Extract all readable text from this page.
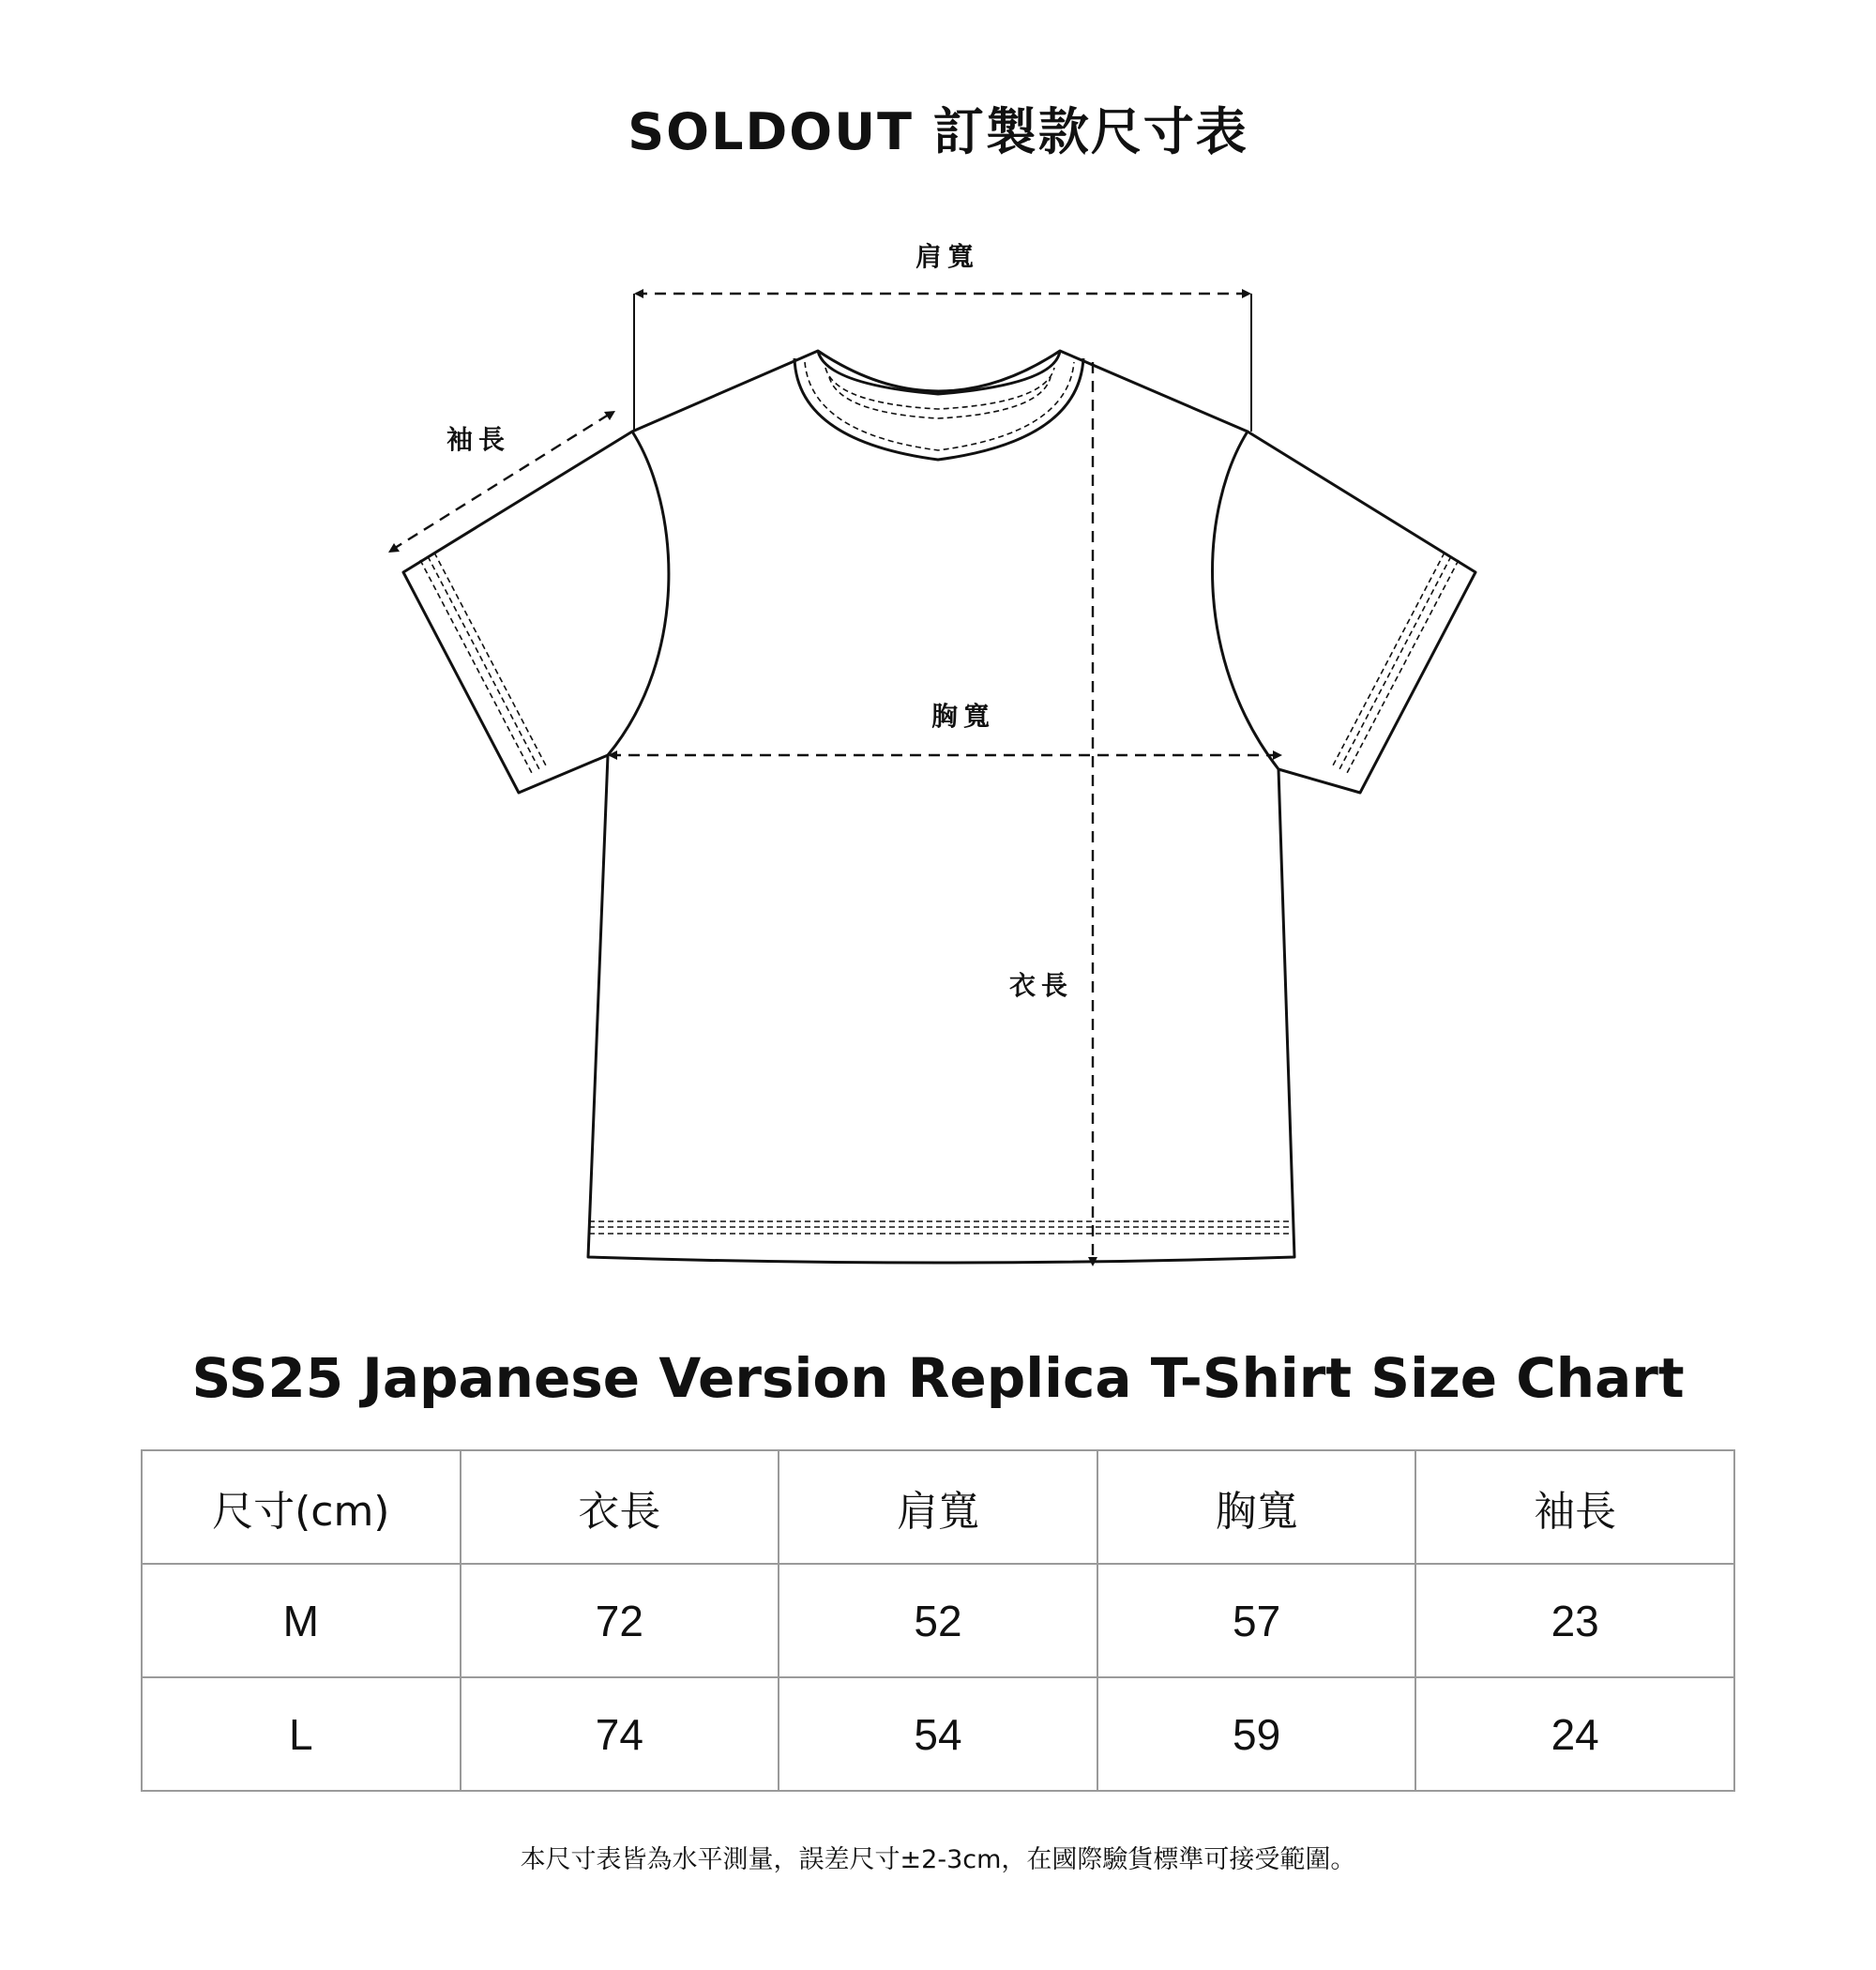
SOLDOUT 訂製款尺寸表
肩寬
袖長
胸寬
衣長
SS25 Japanese Version Replica T-Shirt Size Chart
尺寸(cm)	衣長	肩寬	胸寬	袖長
M	72	52	57	23
L	74	54	59	24
本尺寸表皆為水平測量，誤差尺寸±2-3cm，在國際驗貨標準可接受範圍。
